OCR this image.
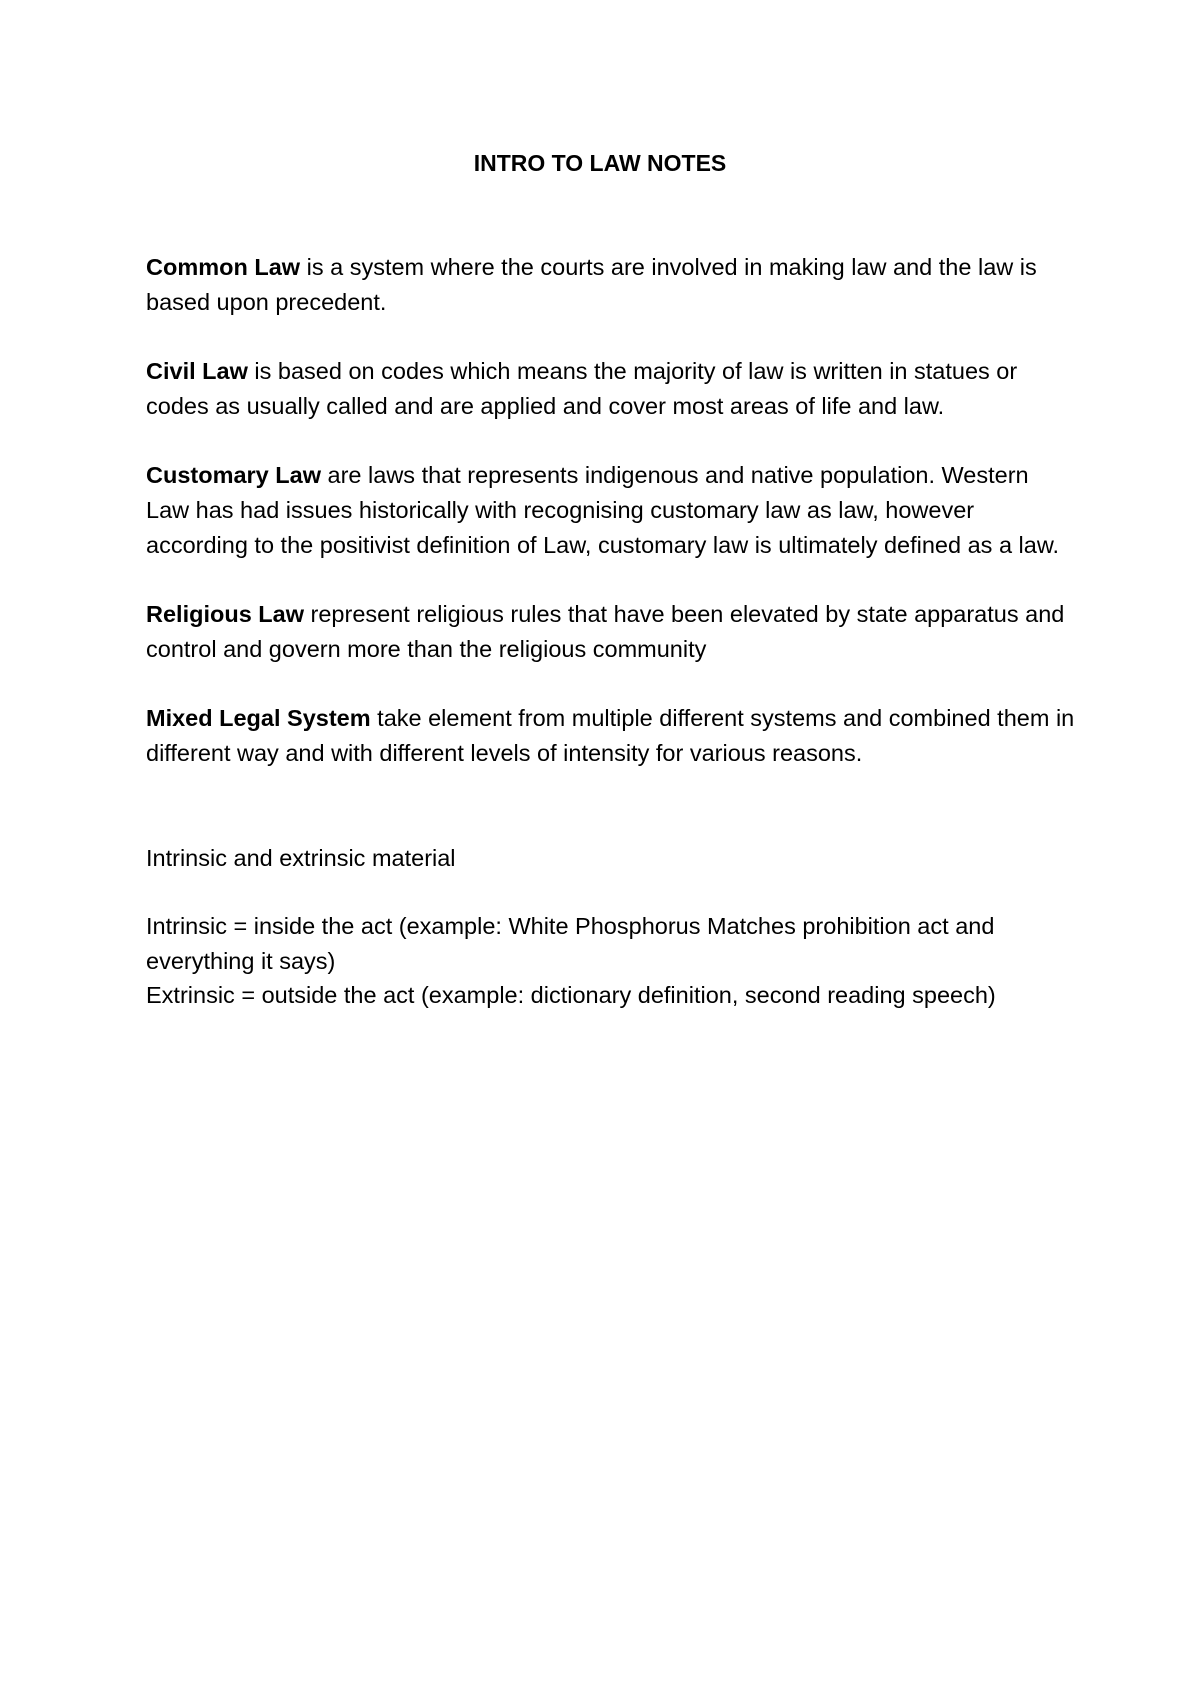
INTRO TO LAW NOTES

Common Law is a system where the courts are involved in making law and the law is based upon precedent.

Civil Law is based on codes which means the majority of law is written in statues or codes as usually called and are applied and cover most areas of life and law.

Customary Law are laws that represents indigenous and native population. Western Law has had issues historically with recognising customary law as law, however according to the positivist definition of Law, customary law is ultimately defined as a law.

Religious Law represent religious rules that have been elevated by state apparatus and control and govern more than the religious community

Mixed Legal System take element from multiple different systems and combined them in different way and with different levels of intensity for various reasons.

Intrinsic and extrinsic material

Intrinsic = inside the act (example: White Phosphorus Matches prohibition act and everything it says)

Extrinsic = outside the act (example: dictionary definition, second reading speech)
